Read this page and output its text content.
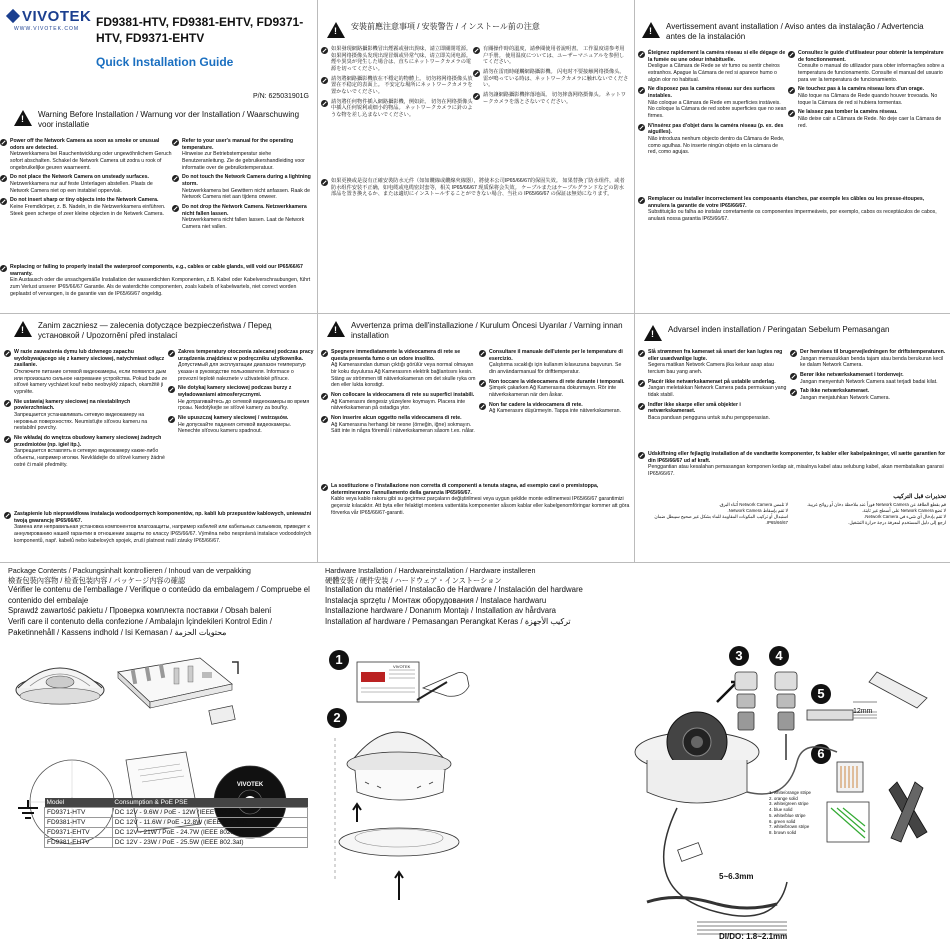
VIVOTEK
WWW.VIVOTEK.COM FD9381-HTV, FD9381-EHTV, FD9371-HTV, FD9371-EHTV
Quick Installation Guide
P/N: 625031901G
!
Warning Before Installation / Warnung vor der Installation / Waarschuwing voor installatie
Power off the Network Camera as soon as smoke or unusual odors are detected.
Netzwerkkamera bei Rauchentwicklung oder ungewöhnlichem Geruch sofort abschalten. Schakel de Network Camera uit zodra u rook of ongebruikelijke geuren waarneemt.
Do not place the Network Camera on unsteady surfaces.
Netzwerkkamera nur auf feste Unterlagen abstellen. Plaats de Network Camera niet op een instabiel oppervlak.
Do not insert sharp or tiny objects into the Network Camera.
Keine Fremdkörper, z. B. Nadeln, in die Netzwerkkamera einführen. Steek geen scherpe of zeer kleine objecten in de Netwerk Camera.
Refer to your user's manual for the operating temperature.
Hinweise zur Betriebstemperatur siehe Benutzeranleitung. Zie de gebruikershandleiding voor informatie over de gebruikstemperatuur.
Do not touch the Network Camera during a lightning storm.
Netzwerkkamera bei Gewittern nicht anfassen. Raak de Network Camera niet aan tijdens onweer.
Do not drop the Network Camera. Netzwerkkamera nicht fallen lassen.
Netzwerkkamera nicht fallen lassen. Laat de Network Camera niet vallen.
Replacing or failing to properly install the waterproof components, e.g., cables or cable glands, will void our IP65/66/67 warranty.
Ein Austausch oder die unsachgemäße Installation der wasserdichten Komponenten, z.B. Kabel oder Kabelverschraubungen, führt zum Verlust unserer IP65/66/67 Garantie. Als de waterdichte componenten, zoals kabels of kabelwartels, niet correct worden geplaatst of vervangen, is de garantie van de IP65/66/67 ongeldig.
!
安裝前應注意事項 / 安装警告 / インストール前の注意
如果發現網路攝影機冒出煙霧或發出異味，請立即關閉電源。 如果网络摄像头发现出现冒烟或异常气味，请立即关闭电源。 煙や異臭が発生した場合は、直ちにネットワークカメラの電源を切ってください。
請勿將網路攝影機放在不穩定的物體上。 切勿将网络摄像头放置在不稳定的表面上。 不安定な場所にネットワークカメラを置かないでください。
請勿將任何物件插入網路攝影機，例如針。 切勿在网络摄像头中插入任何锐利或细小的物品。 ネットワークカメラに針のような物を差し込まないでください。
有關操作時的溫度，請參閱使用者說明書。 工作温度请参考用户手册。 使用温度については、ユーザーマニュアルを参照してください。
請勿在雷雨時碰觸網路攝影機。 闪电时不要接触网络摄像头。 雷が鳴っている時は、ネットワークカメラに触れないでください。
請勿讓網路攝影機摔落地面。 切勿摔落网络摄像头。 ネットワークカメラを落とさないでください。
如果更換或是沒有正確安裝防水元件（如如纜線或纜線夾線器），將使本公司IP65/66/67的保固失效。 如果替换了防水组件，或者防水组件安装不正确，如电缆或电缆密封套等，相关 IP65/66/67 现质保将会失效。 ケーブルまたはケーブルグランドなどの防水部品を置き換えるか、または適切にインストールすることができない場合、当社の IP65/66/67 の保証は無効になります。
!
Avertissement avant installation / Aviso antes da instalação / Advertencia antes de la instalación
Éteignez rapidement la caméra réseau si elle dégage de la fumée ou une odeur inhabituelle.
Desligue a Câmara de Rede se vir fumo ou sentir cheiros estranhos. Apague la Cámara de red si aparece humo o algún olor no habitual.
Ne disposez pas la caméra réseau sur des surfaces instables.
Não coloque a Câmara de Rede em superfícies instáveis. No coloque la Cámara de red sobre superficies que no sean firmes.
N'insérez pas d'objet dans la caméra réseau (p. ex. des aiguilles).
Não introduza nenhum objecto dentro da Câmara de Rede, como agulhas. No inserte ningún objeto en la cámara de red, como agujas.
Consultez le guide d'utilisateur pour obtenir la température de fonctionnement.
Consulte o manual do utilizador para obter informações sobre a temperatura de funcionamento. Consulte el manual del usuario para ver la temperatura de funcionamiento.
Ne touchez pas à la caméra réseau lors d'un orage.
Não toque na Câmara de Rede quando houver trovoada. No toque la Cámara de red si hubiera tormentas.
Ne laissez pas tomber la caméra réseau.
Não deixe cair a Câmara de Rede. No deje caer la Cámara de red.
Remplacer ou installer incorrectement les composants étanches, par exemple les câbles ou les presse-étoupes, annulera la garantie de votre IP65/66/67.
Substituição ou falha ao instalar corretamente os componentes impermeáveis, por exemplo, cabos os receptáculos de cabos, anulará nossa garantia IP65/66/67.
!
Zanim zaczniesz — zalecenia dotyczące bezpieczeństwa / Перед установкой / Upozornění před instalací
W razie zauważenia dymu lub dziwnego zapachu wydobywającego się z kamery sieciowej, natychmiast odłącz zasilanie.
Отключите питание сетевой видеокамеры, если появился дым или произошло сильное нагревание устройства. Pokud bude ze síťové kamery vycházet kouř nebo neobvyklý zápach, okamžitě ji vypněte.
Nie ustawiaj kamery sieciowej na niestabilnych powierzchniach.
Запрещается устанавливать сетевую видеокамеру на неровных поверхностях. Neumisťujte síťovou kameru na nestabilní povrchy.
Nie wkładaj do wnętrza obudowy kamery sieciowej żadnych przedmiotów (np. igieł itp.).
Запрещается вставлять в сетевую видеокамеру какие-либо объекты, например иголки. Nevkládejte do síťové kamery žádné ostré či malé předměty.
Zakres temperatury otoczenia zalecanej podczas pracy urządzenia znajdziesz w podręczniku użytkownika.
Допустимый для эксплуатации диапазон температур указан в руководстве пользователя. Informace o provozní teplotě naleznete v uživatelské příruce.
Nie dotykaj kamery sieciowej podczas burzy z wyładowaniami atmosferycznymi.
Не дотрагивайтесь до сетевой видеокамеры во время грозы. Nedotýkejte se síťové kamery za bouřky.
Nie upuszczaj kamery sieciowej / wstrząsów.
Не допускайте падения сетевой видеокамеры. Nenechte síťovou kameru spadnout.
Zastąpienie lub nieprawidłowa instalacja wodoodpornych komponentów, np. kabli lub przepustów kablowych, unieważni twoją gwarancję IP65/66/67.
Замена или неправильная установка компонентов влагозащиты, например кабелей или кабельных сальников, приведет к аннулированию нашей гарантии в отношении защиты по классу IP65/66/67. Výměna nebo nesprávná instalace vodoodolných komponentů, např. kabelů nebo kabelových spojek, zruší platnost naší záruky IP65/66/67.
!
Avvertenza prima dell'installazione / Kurulum Öncesi Uyarılar / Varning innan installation
Spegnere immediatamente la videocamera di rete se questa presenta fumo o un odore insolito.
Ağ Kamerasından duman çıktığı görülür veya normal olmayan bir koku duyulursa Ağ Kamerasının elektrik bağlantısını kesin. Stäng av strömmen till nätverkskameran om det skulle ryka om den eller lukta konstigt.
Non collocare la videocamera di rete su superfici instabili.
Ağ Kamerasını dengesiz yüzeylere koymayın. Placera inte nätverkskameran på ostadiga ytor.
Non inserire alcun oggetto nella videocamera di rete.
Ağ Kamerasına herhangi bir nesne (örneğin, iğne) sokmayın. Sätt inte in några föremål i nätverkskameran såsom t.ex. nålar.
Consultare il manuale dell'utente per le temperature di esercizio.
Çalıştırma sıcaklığı için kullanım kılavuzuna başvurun. Se din användarmanual för drifttemperatur.
Non toccare la videocamera di rete durante i temporali.
Şimşek çakarken Ağ Kamerasına dokunmayın. Rör inte nätverkskameran när den åskar.
Non far cadere la videocamera di rete.
Ağ Kamerasını düşürmeyin. Tappa inte nätverkskameran.
La sostituzione o l'installazione non corretta di componenti a tenuta stagna, ad esempio cavi o premistoppa, determineranno l'annullamento della garanzia IP65/66/67.
Kablo veya kablo rakoru gibi su geçirmez parçaların değiştirilmesi veya uygun şekilde monte edilmemesi IP65/66/67 garantimizi geçersiz kılacaktır. Att byta eller felaktigt montera vattentäta komponenter såsom kablar eller kabelgenomföringar kommer att göra förverka vår IP65/66/67-garanti.
!
Advarsel inden installation / Peringatan Sebelum Pemasangan
Slå strømmen fra kameraet så snart der kan lugtes røg eller usædvanlige lugte.
Segera matikan Network Camera jika keluar asap atau tercium bau yang aneh.
Placér ikke netværkskameraet på ustabile underlag.
Jangan meletakkan Network Camera pada permukaan yang tidak stabil.
Indfør ikke skarpe eller små objekter i netværkskameraet.
Baca panduan pengguna untuk suhu pengoperasian.
Der henvises til brugervejledningen for driftstemperaturen.
Jangan memasukkan benda tajam atau benda berukuran kecil ke dalam Network Camera.
Berør ikke netværkskameraet i tordenvejr.
Jangan menyentuh Network Camera saat terjadi badai kilat.
Tab ikke netværkskameraet.
Jangan menjatuhkan Network Camera.
Udskiftning eller fejlagtig installation af de vandtætte komponenter, fx kabler eller kabelpakninger, vil sætte garantien for din IP65/66/67 ud af kraft.
Penggantian atau kesalahan pemasangan komponen kedap air, misalnya kabel atau selubung kabel, akan membatalkan garansi IP65/66/67.
تحذيرات قبل التركيب
قم بقطع الطاقة عن Network Camera فوراً عند ملاحظة دخان أو روائح غريبة.
لا تضع Network Camera على أسطح غير ثابتة.
لا تقم بإدخال أي شيء في Network Camera.
ارجع إلى دليل المستخدم لمعرفة درجة حرارة التشغيل.
لا تلمس Network Camera أثناء البرق.
لا تقم بإسقاط Network Camera.
استبدال أو تركيب المكونات المقاومة للماء بشكل غير صحيح سيبطل ضمان IP65/66/67.
Package Contents / Packungsinhalt kontrollieren / Inhoud van de verpakking
檢查包裝內容物 / 检查包装内容 / パッケージ内容の確認
Vérifier le contenu de l'emballage / Verifique o conteúdo da embalagem / Compruebe el contenido del embalaje
Sprawdź zawartość pakietu / Проверка комплекта поставки / Obsah balení
Verifi care il contenuto della confezione / Ambalajın İçindekileri Kontrol Edin / Paketinnehåll / Kassens indhold / Isi Kemasan / محتويات الحزمة
VIVOTEK
Model	Consumption & PoE PSE
FD9371-HTV	DC 12V - 9.6W / PoE - 12W (IEEE 802.3af)
FD9381-HTV	DC 12V - 11.6W / PoE -12.8W (IEEE 802.3af)
FD9371-EHTV	DC 12V - 21W / PoE - 24.7W (IEEE 802.3at)
FD9381-EHTV	DC 12V - 23W / PoE - 25.5W (IEEE 802.3at)
Hardware Installation / Hardwareinstallation / Hardware installeren
硬體安裝 / 硬件安装 / ハードウェア・インストーション
Installation du matériel / Instalacão de Hardware / Instalación del hardware
Instalacja sprzętu / Монтаж оборудования / Instalace hardwaru
Installazione hardware / Donanım Montajı / Installation av hårdvara
Installation af hardware / Pemasangan Perangkat Keras / تركيب الأجهزة
1
2
3	4
5
6
VIVOTEK
12mm
5~6.3mm
DI/DO: 1.8~2.1mm
1. white/orange stripe
2. orange solid
3. white/green stripe
4. blue solid
5. white/blue stripe
6. green solid
7. white/brown stripe
8. brown solid
